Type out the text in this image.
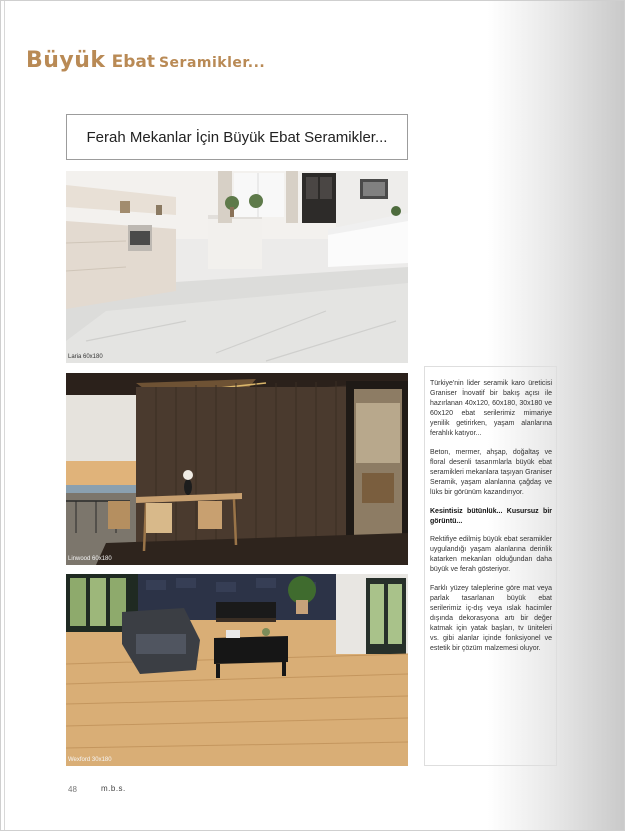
Büyük Ebat Seramikler...
Ferah Mekanlar İçin Büyük Ebat Seramikler...
Laria 60x180
Linwood 60x180
Wexford 30x180

Türkiye'nin lider seramik karo üreticisi Graniser İnovatif bir bakış açısı ile hazırlanan 40x120, 60x180, 30x180 ve 60x120 ebat serilerimiz mimariye yenilik getirirken, yaşam alanlarına ferahlık katıyor...

Beton, mermer, ahşap, doğaltaş ve floral desenli tasarımlarla büyük ebat seramikleri mekanlara taşıyan Graniser Seramik, yaşam alanlarına çağdaş ve lüks bir görünüm kazandırıyor.

Kesintisiz bütünlük... Kusursuz bir görüntü...

Rektifiye edilmiş büyük ebat seramikler uygulandığı yaşam alanlarına derinlik katarken mekanları olduğundan daha büyük ve ferah gösteriyor.

Farklı yüzey taleplerine göre mat veya parlak tasarlanan büyük ebat serilerimiz iç-dış veya ıslak hacimler dışında dekorasyona artı bir değer katmak için yatak başları, tv üniteleri vs. gibi alanlar içinde fonksiyonel ve estetik bir çözüm malzemesi oluyor.

48	m.b.s.
